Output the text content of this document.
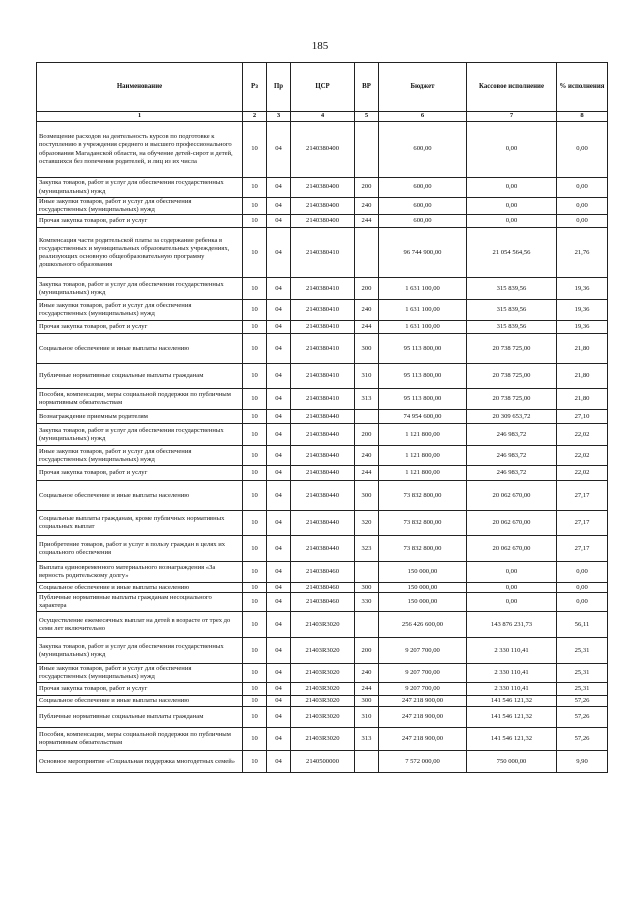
185
Наименование	Рз	Пр	ЦСР	ВР	Бюджет	Кассовое исполнение	% исполнения
1	2	3	4	5	6	7	8
Возмещение расходов на деятельность курсов по подготовке к поступлению в учреждения среднего и высшего профессионального образования Магаданской области, на обучение детей-сирот и детей, оставшихся без попечения родителей, и лиц из их числа	10	04	2140380400		600,00	0,00	0,00
Закупка товаров, работ и услуг для обеспечения государственных (муниципальных) нужд	10	04	2140380400	200	600,00	0,00	0,00
Иные закупки товаров, работ и услуг для обеспечения государственных (муниципальных) нужд	10	04	2140380400	240	600,00	0,00	0,00
Прочая закупка товаров, работ и услуг	10	04	2140380400	244	600,00	0,00	0,00
Компенсация части родительской платы за содержание ребенка в государственных и муниципальных образовательных учреждениях, реализующих основную общеобразовательную программу дошкольного образования	10	04	2140380410		96 744 900,00	21 054 564,56	21,76
Закупка товаров, работ и услуг для обеспечения государственных (муниципальных) нужд	10	04	2140380410	200	1 631 100,00	315 839,56	19,36
Иные закупки товаров, работ и услуг для обеспечения государственных (муниципальных) нужд	10	04	2140380410	240	1 631 100,00	315 839,56	19,36
Прочая закупка товаров, работ и услуг	10	04	2140380410	244	1 631 100,00	315 839,56	19,36
Социальное обеспечение и иные выплаты населению	10	04	2140380410	300	95 113 800,00	20 738 725,00	21,80
Публичные нормативные социальные выплаты гражданам	10	04	2140380410	310	95 113 800,00	20 738 725,00	21,80
Пособия, компенсации, меры социальной поддержки по публичным нормативным обязательствам	10	04	2140380410	313	95 113 800,00	20 738 725,00	21,80
Вознаграждение приемным родителям	10	04	2140380440		74 954 600,00	20 309 653,72	27,10
Закупка товаров, работ и услуг для обеспечения государственных (муниципальных) нужд	10	04	2140380440	200	1 121 800,00	246 983,72	22,02
Иные закупки товаров, работ и услуг для обеспечения государственных (муниципальных) нужд	10	04	2140380440	240	1 121 800,00	246 983,72	22,02
Прочая закупка товаров, работ и услуг	10	04	2140380440	244	1 121 800,00	246 983,72	22,02
Социальное обеспечение и иные выплаты населению	10	04	2140380440	300	73 832 800,00	20 062 670,00	27,17
Социальные выплаты гражданам, кроме публичных нормативных социальных выплат	10	04	2140380440	320	73 832 800,00	20 062 670,00	27,17
Приобретение товаров, работ и услуг в пользу граждан в целях их социального обеспечения	10	04	2140380440	323	73 832 800,00	20 062 670,00	27,17
Выплата единовременного материального вознаграждения «За верность родительскому долгу»	10	04	2140380460		150 000,00	0,00	0,00
Социальное обеспечение и иные выплаты населению	10	04	2140380460	300	150 000,00	0,00	0,00
Публичные нормативные выплаты гражданам несоциального характера	10	04	2140380460	330	150 000,00	0,00	0,00
Осуществление ежемесячных выплат на детей в возрасте от трех до семи лет включительно	10	04	21403R3020		256 426 600,00	143 876 231,73	56,11
Закупка товаров, работ и услуг для обеспечения государственных (муниципальных) нужд	10	04	21403R3020	200	9 207 700,00	2 330 110,41	25,31
Иные закупки товаров, работ и услуг для обеспечения государственных (муниципальных) нужд	10	04	21403R3020	240	9 207 700,00	2 330 110,41	25,31
Прочая закупка товаров, работ и услуг	10	04	21403R3020	244	9 207 700,00	2 330 110,41	25,31
Социальное обеспечение и иные выплаты населению	10	04	21403R3020	300	247 218 900,00	141 546 121,32	57,26
Публичные нормативные социальные выплаты гражданам	10	04	21403R3020	310	247 218 900,00	141 546 121,32	57,26
Пособия, компенсации, меры социальной поддержки по публичным нормативным обязательствам	10	04	21403R3020	313	247 218 900,00	141 546 121,32	57,26
Основное мероприятие «Социальная поддержка многодетных семей»	10	04	2140500000		7 572 000,00	750 000,00	9,90
